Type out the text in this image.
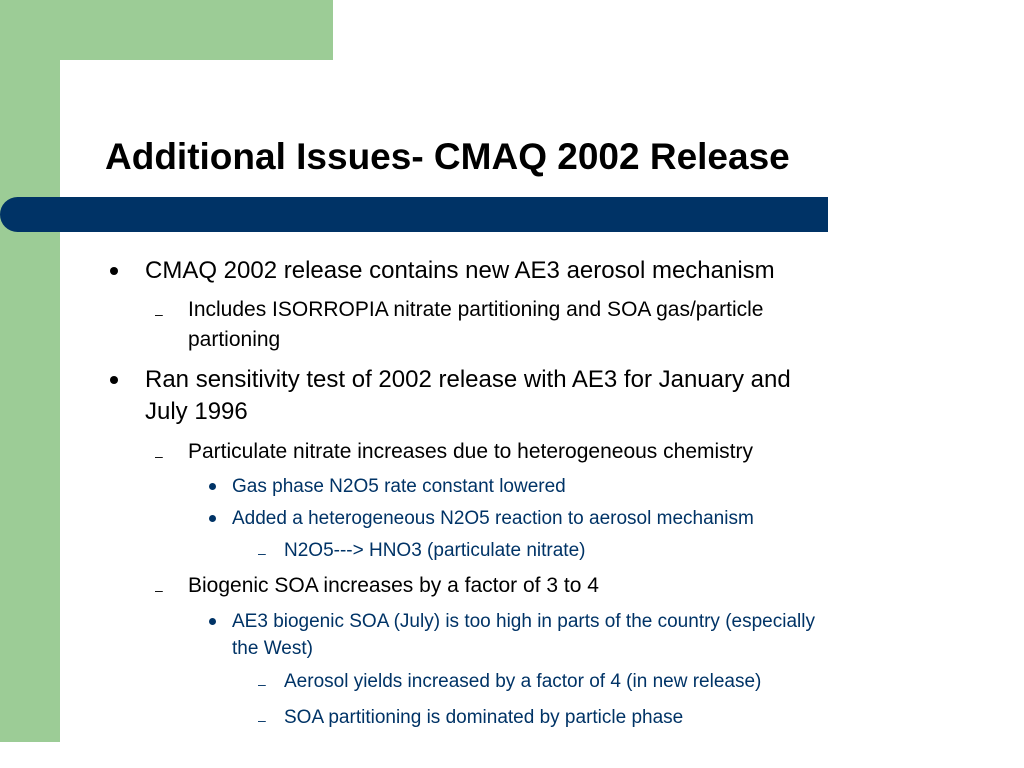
Additional Issues- CMAQ 2002 Release
CMAQ 2002 release contains new AE3 aerosol mechanism
– Includes ISORROPIA nitrate partitioning and SOA gas/particle
partioning
Ran sensitivity test of 2002 release with AE3 for January and
July 1996
– Particulate nitrate increases due to heterogeneous chemistry
Gas phase N2O5 rate constant lowered
Added a heterogeneous N2O5 reaction to aerosol mechanism
– N2O5---> HNO3 (particulate nitrate)
– Biogenic SOA increases by a factor of 3 to 4
AE3 biogenic SOA (July) is too high in parts of the country (especially
the West)
– Aerosol yields increased by a factor of 4 (in new release)
– SOA partitioning is dominated by particle phase
